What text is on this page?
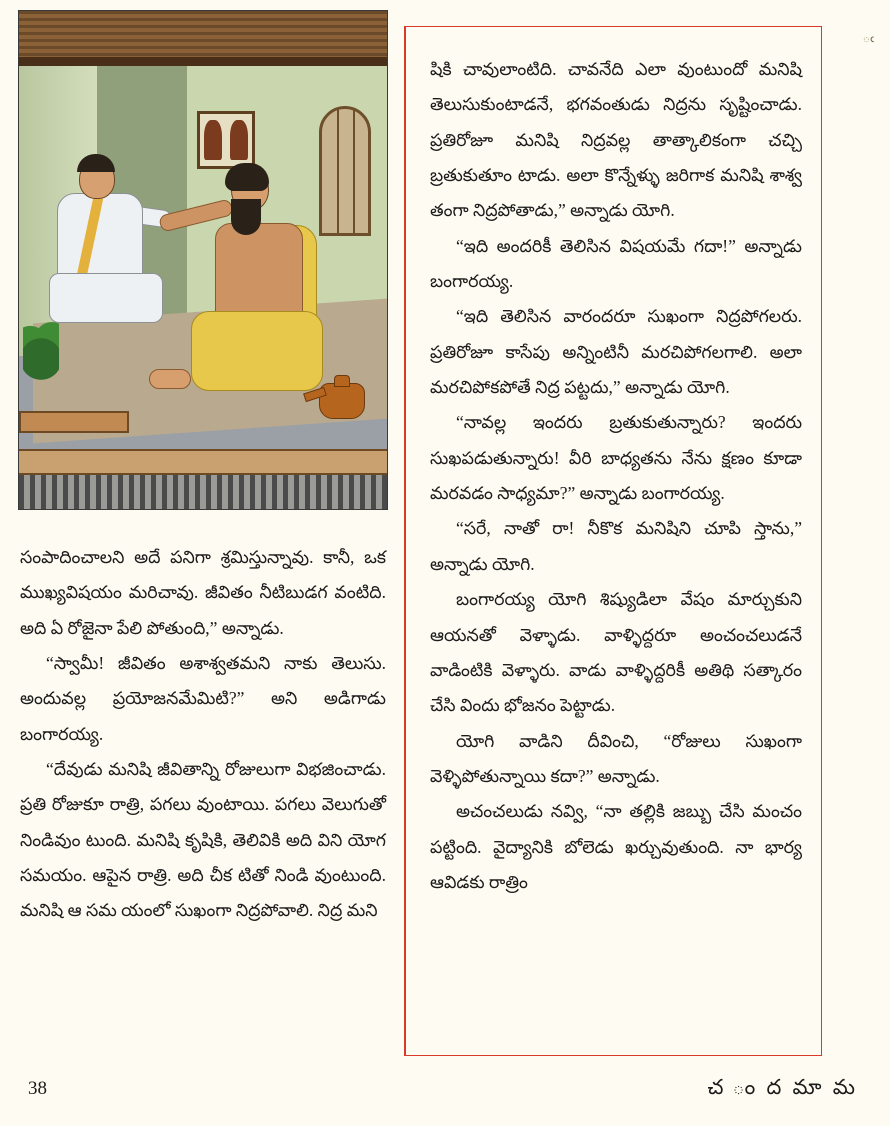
సంపాదించాలని అదే పనిగా శ్రమిస్తున్నావు. కానీ, ఒక ముఖ్యవిషయం మరిచావు. జీవితం నీటిబుడగ వంటిది. అది ఏ రోజైనా పేలి పోతుంది,” అన్నాడు.

“స్వామీ! జీవితం అశాశ్వతమని నాకు తెలుసు. అందువల్ల ప్రయోజనమేమిటి?” అని అడిగాడు బంగారయ్య.

“దేవుడు మనిషి జీవితాన్ని రోజులుగా విభజించాడు. ప్రతి రోజుకూ రాత్రి, పగలు వుంటాయి. పగలు వెలుగుతో నిండివుం టుంది. మనిషి కృషికి, తెలివికి అది విని యోగ సమయం. ఆపైన రాత్రి. అది చీక టితో నిండి వుంటుంది. మనిషి ఆ సమ యంలో సుఖంగా నిద్రపోవాలి. నిద్ర మని

షికి చావులాంటిది. చావనేది ఎలా వుంటుందో మనిషి తెలుసుకుంటాడనే, భగవంతుడు నిద్రను సృష్టించాడు. ప్రతిరోజూ మనిషి నిద్రవల్ల తాత్కాలికంగా చచ్చి బ్రతుకుతూం టాడు. అలా కొన్నేళ్ళు జరిగాక మనిషి శాశ్వ తంగా నిద్రపోతాడు,” అన్నాడు యోగి.

“ఇది అందరికీ తెలిసిన విషయమే గదా!” అన్నాడు బంగారయ్య.

“ఇది తెలిసిన వారందరూ సుఖంగా నిద్రపోగలరు. ప్రతిరోజూ కాసేపు అన్నింటినీ మరచిపోగలగాలి. అలా మరచిపోకపోతే నిద్ర పట్టదు,” అన్నాడు యోగి.

“నావల్ల ఇందరు బ్రతుకుతున్నారు? ఇందరు సుఖపడుతున్నారు! వీరి బాధ్యతను నేను క్షణం కూడా మరవడం సాధ్యమా?” అన్నాడు బంగారయ్య.

“సరే, నాతో రా! నీకొక మనిషిని చూపి స్తాను,” అన్నాడు యోగి.

బంగారయ్య యోగి శిష్యుడిలా వేషం మార్చుకుని ఆయనతో వెళ్ళాడు. వాళ్ళిద్దరూ అంచంచలుడనే వాడింటికి వెళ్ళారు. వాడు వాళ్ళిద్దరికీ అతిథి సత్కారం చేసి విందు భోజనం పెట్టాడు.

యోగి వాడిని దీవించి, “రోజులు సుఖంగా వెళ్ళిపోతున్నాయి కదా?” అన్నాడు.

అచంచలుడు నవ్వి, “నా తల్లికి జబ్బు చేసి మంచం పట్టింది. వైద్యానికి బోలెడు ఖర్చువుతుంది. నా భార్య ఆవిడకు రాత్రిం

38	చ ం ద మా మ
ఁ
